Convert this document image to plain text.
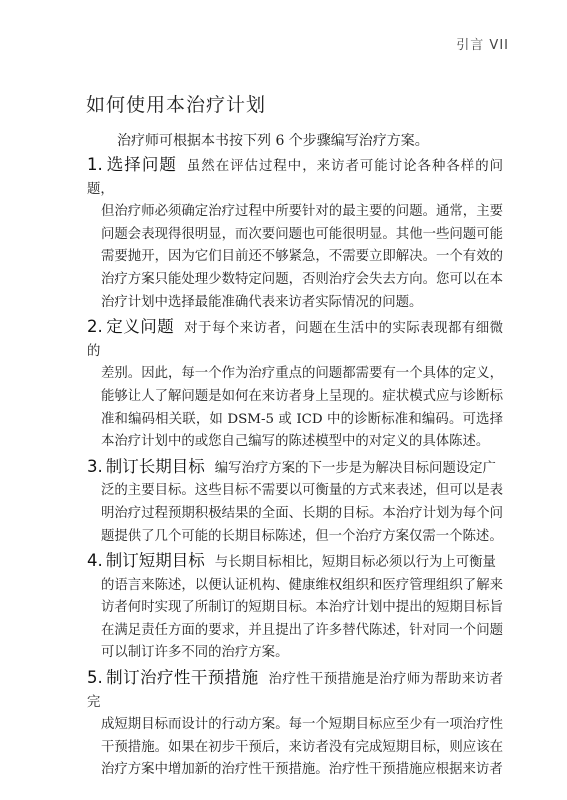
引言 VII
如何使用本治疗计划
治疗师可根据本书按下列 6 个步骤编写治疗方案。
1. 选择问题 虽然在评估过程中，来访者可能讨论各种各样的问题，
但治疗师必须确定治疗过程中所要针对的最主要的问题。通常，主要问题会表现得很明显，而次要问题也可能很明显。其他一些问题可能需要抛开，因为它们目前还不够紧急，不需要立即解决。一个有效的治疗方案只能处理少数特定问题，否则治疗会失去方向。您可以在本治疗计划中选择最能准确代表来访者实际情况的问题。
2. 定义问题 对于每个来访者，问题在生活中的实际表现都有细微的
差别。因此，每一个作为治疗重点的问题都需要有一个具体的定义，能够让人了解问题是如何在来访者身上呈现的。症状模式应与诊断标准和编码相关联，如 DSM-5 或 ICD 中的诊断标准和编码。可选择本治疗计划中的或您自己编写的陈述模型中的对定义的具体陈述。
3. 制订长期目标 编写治疗方案的下一步是为解决目标问题设定广
泛的主要目标。这些目标不需要以可衡量的方式来表述，但可以是表明治疗过程预期积极结果的全面、长期的目标。本治疗计划为每个问题提供了几个可能的长期目标陈述，但一个治疗方案仅需一个陈述。
4. 制订短期目标 与长期目标相比，短期目标必须以行为上可衡量
的语言来陈述，以便认证机构、健康维权组织和医疗管理组织了解来访者何时实现了所制订的短期目标。本治疗计划中提出的短期目标旨在满足责任方面的要求，并且提出了许多替代陈述，针对同一个问题可以制订许多不同的治疗方案。
5. 制订治疗性干预措施 治疗性干预措施是治疗师为帮助来访者完
成短期目标而设计的行动方案。每一个短期目标应至少有一项治疗性干预措施。如果在初步干预后，来访者没有完成短期目标，则应该在治疗方案中增加新的治疗性干预措施。治疗性干预措施应根据来访者
